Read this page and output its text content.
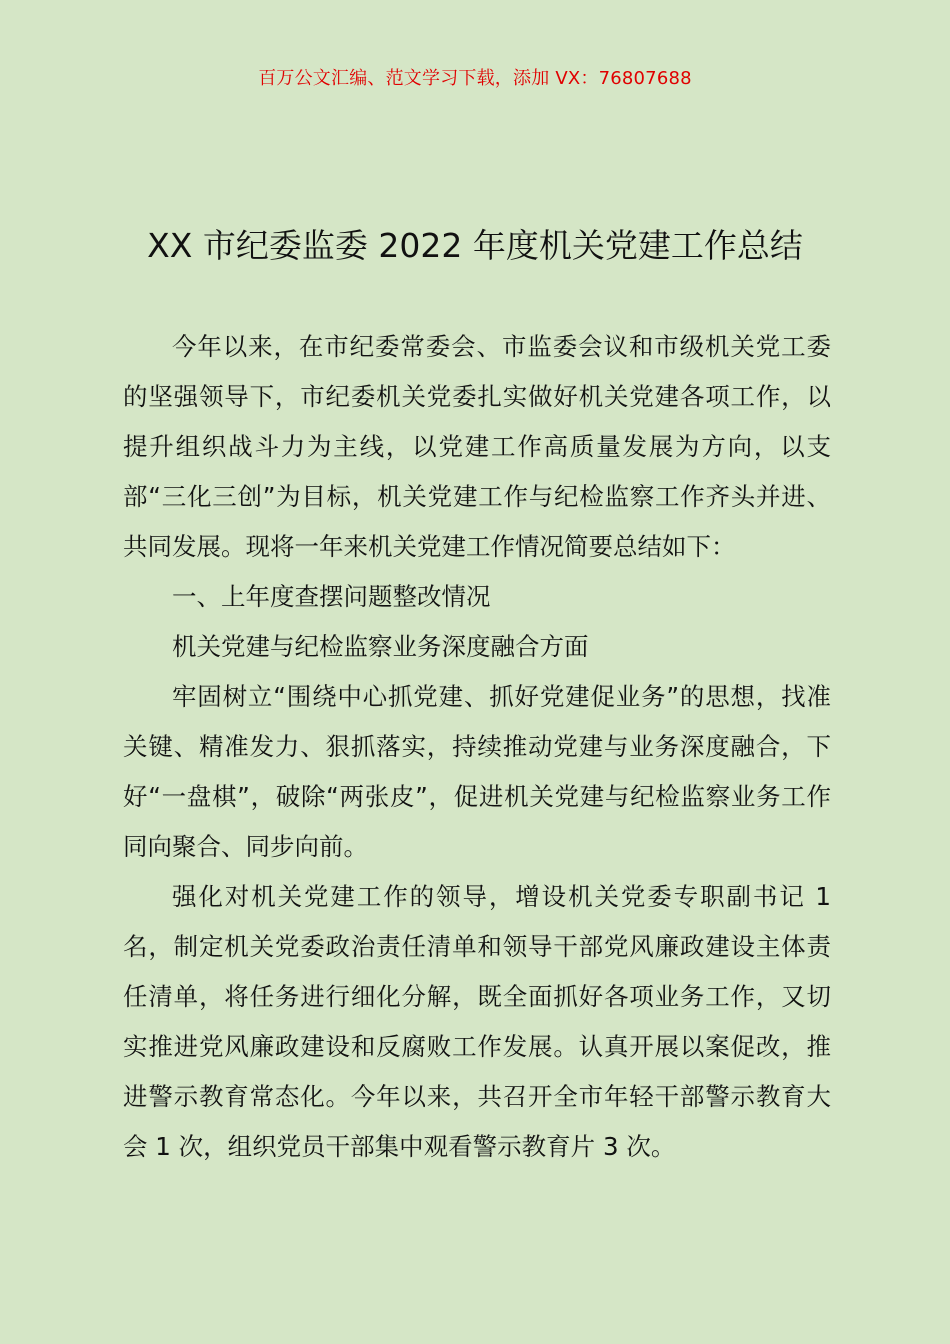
百万公文汇编、范文学习下载，添加 VX：76807688
XX 市纪委监委 2022 年度机关党建工作总结

今年以来，在市纪委常委会、市监委会议和市级机关党工委的坚强领导下，市纪委机关党委扎实做好机关党建各项工作，以提升组织战斗力为主线，以党建工作高质量发展为方向，以支部“三化三创”为目标，机关党建工作与纪检监察工作齐头并进、共同发展。现将一年来机关党建工作情况简要总结如下：

一、上年度查摆问题整改情况

机关党建与纪检监察业务深度融合方面

牢固树立“围绕中心抓党建、抓好党建促业务”的思想，找准关键、精准发力、狠抓落实，持续推动党建与业务深度融合，下好“一盘棋”，破除“两张皮”，促进机关党建与纪检监察业务工作同向聚合、同步向前。

强化对机关党建工作的领导，增设机关党委专职副书记 1 名，制定机关党委政治责任清单和领导干部党风廉政建设主体责任清单，将任务进行细化分解，既全面抓好各项业务工作，又切实推进党风廉政建设和反腐败工作发展。认真开展以案促改，推进警示教育常态化。今年以来，共召开全市年轻干部警示教育大会 1 次，组织党员干部集中观看警示教育片 3 次。
